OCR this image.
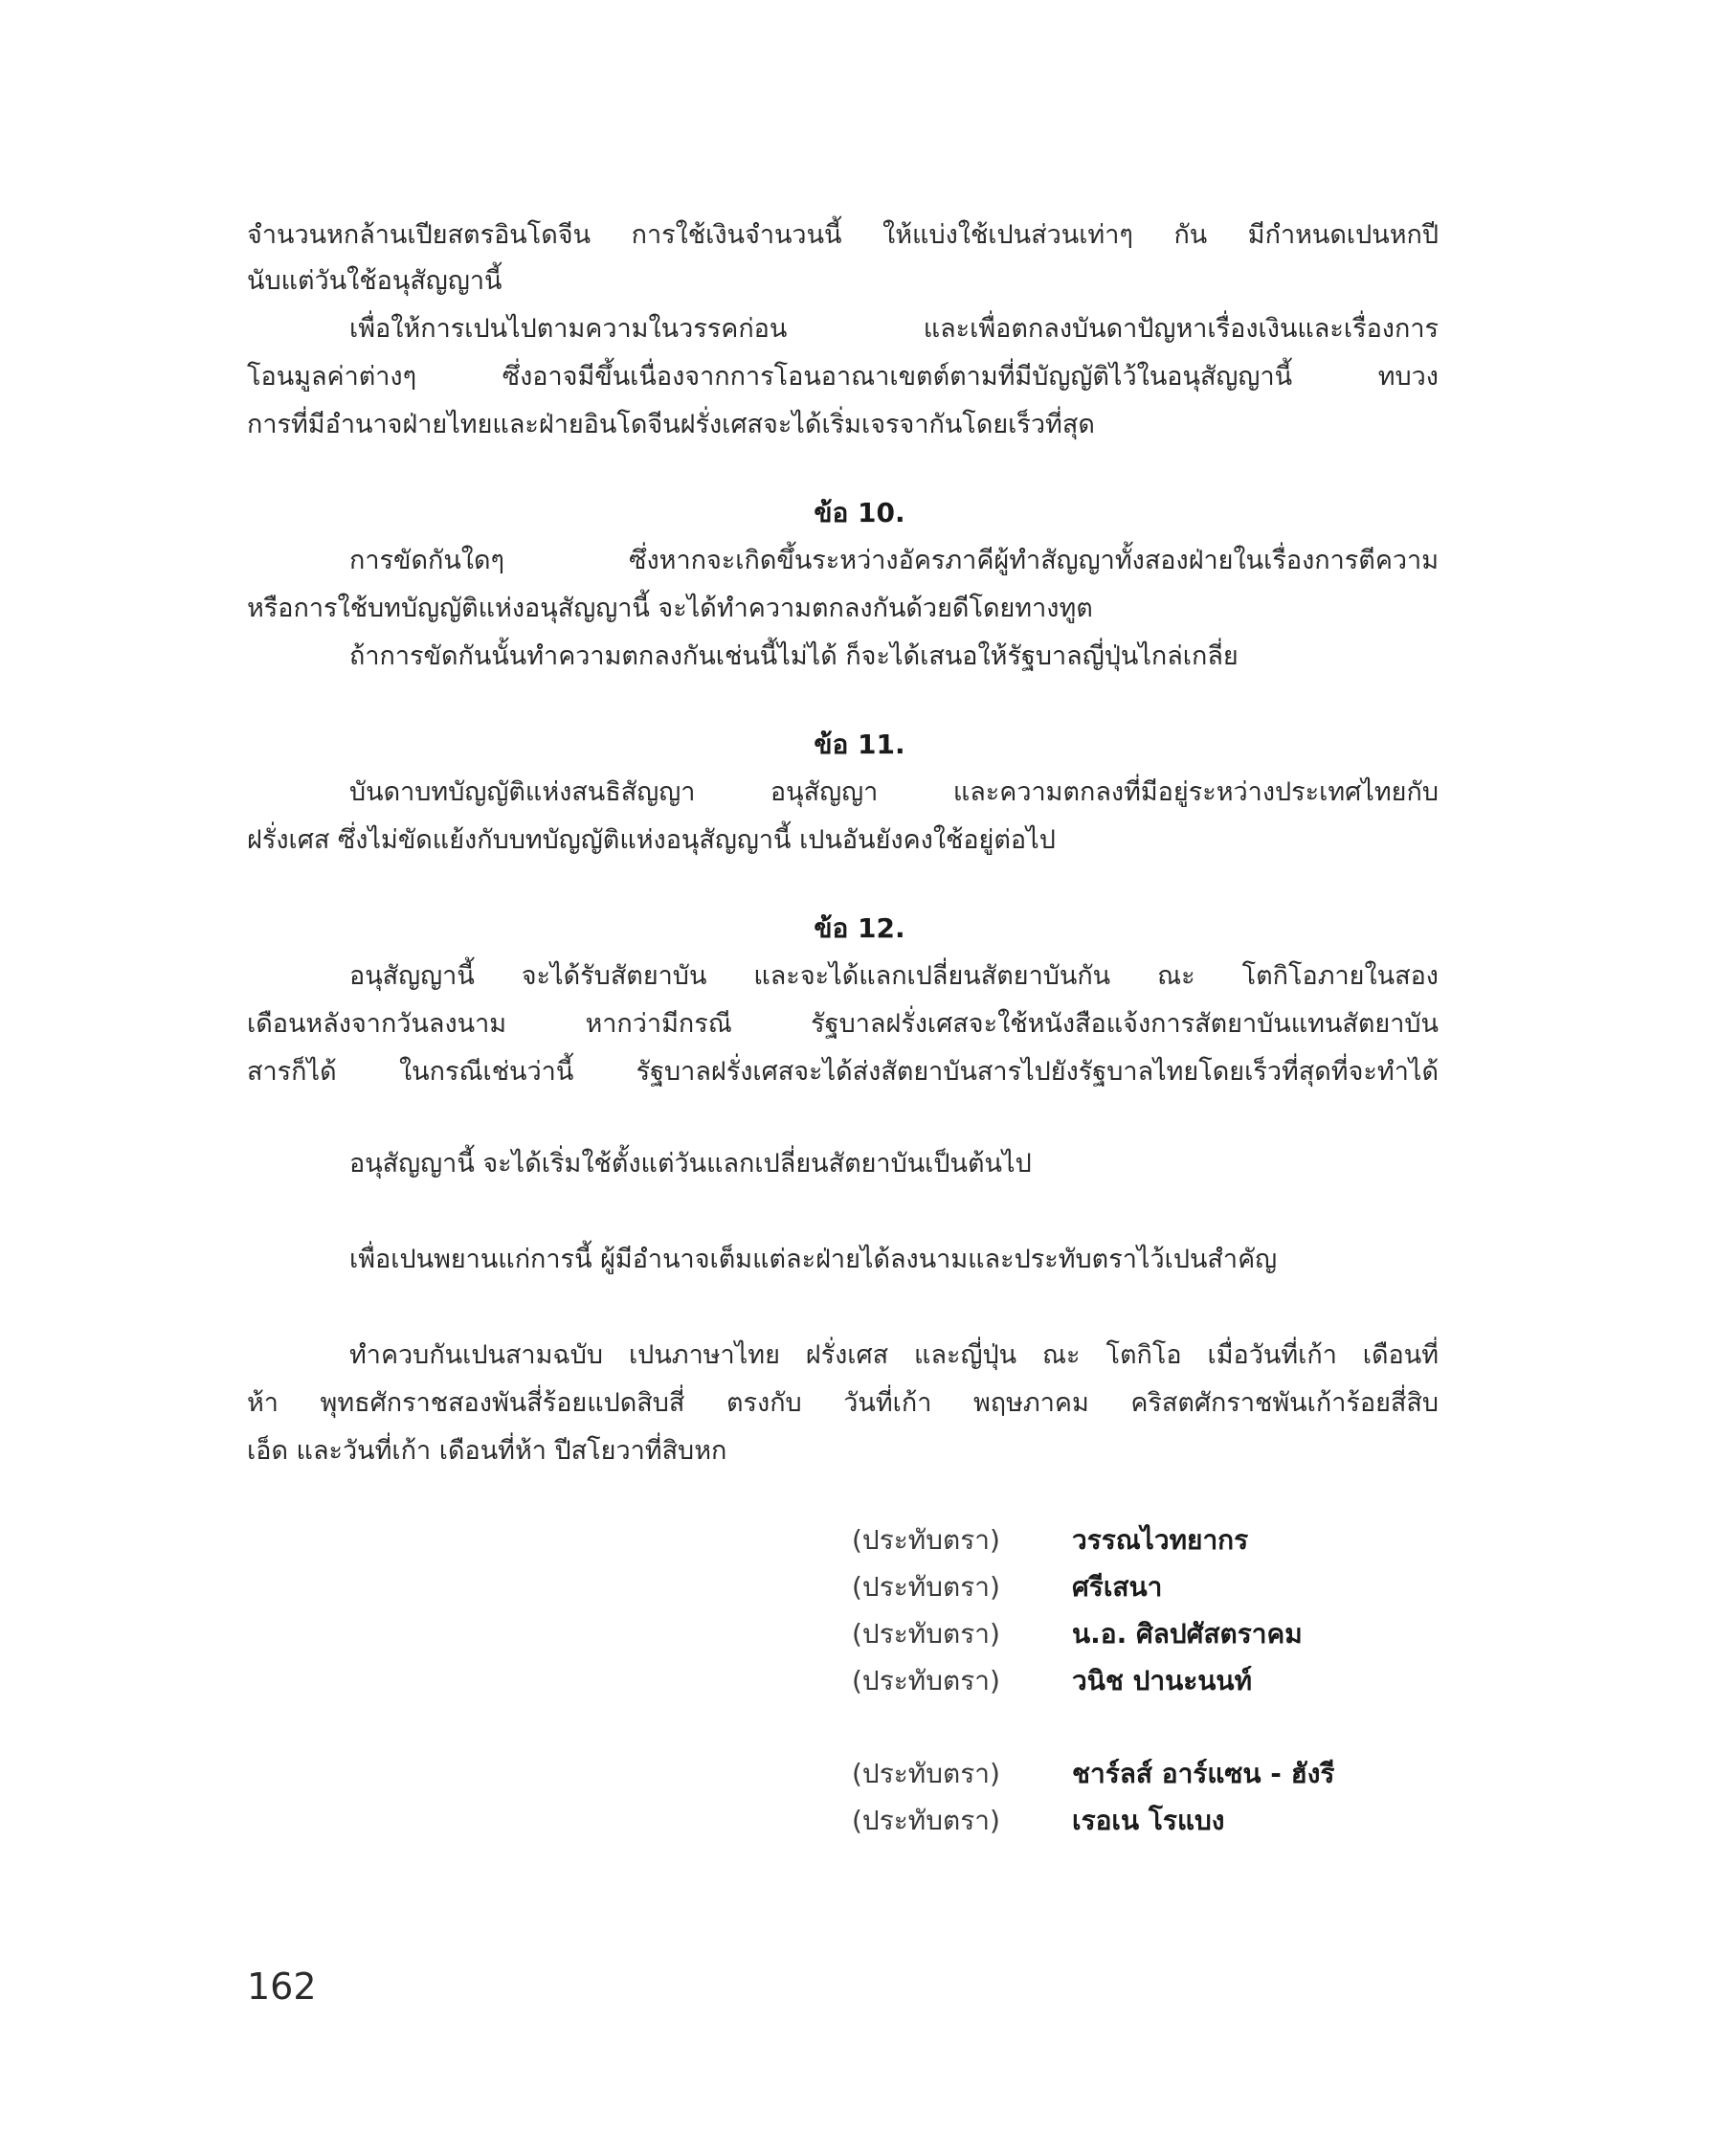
จำนวนหกล้านเปียสตรอินโดจีน การใช้เงินจำนวนนี้ ให้แบ่งใช้เปนส่วนเท่าๆ กัน มีกำหนดเปนหกปี
นับแต่วันใช้อนุสัญญานี้
เพื่อให้การเปนไปตามความในวรรคก่อน และเพื่อตกลงบันดาปัญหาเรื่องเงินและเรื่องการ
โอนมูลค่าต่างๆ ซึ่งอาจมีขึ้นเนื่องจากการโอนอาณาเขตต์ตามที่มีบัญญัติไว้ในอนุสัญญานี้ ทบวง
การที่มีอำนาจฝ่ายไทยและฝ่ายอินโดจีนฝรั่งเศสจะได้เริ่มเจรจากันโดยเร็วที่สุด
ข้อ 10.
การขัดกันใดๆ ซึ่งหากจะเกิดขึ้นระหว่างอัครภาคีผู้ทำสัญญาทั้งสองฝ่ายในเรื่องการตีความ
หรือการใช้บทบัญญัติแห่งอนุสัญญานี้ จะได้ทำความตกลงกันด้วยดีโดยทางทูต
ถ้าการขัดกันนั้นทำความตกลงกันเช่นนี้ไม่ได้ ก็จะได้เสนอให้รัฐบาลญี่ปุ่นไกล่เกลี่ย
ข้อ 11.
บันดาบทบัญญัติแห่งสนธิสัญญา อนุสัญญา และความตกลงที่มีอยู่ระหว่างประเทศไทยกับ
ฝรั่งเศส ซึ่งไม่ขัดแย้งกับบทบัญญัติแห่งอนุสัญญานี้ เปนอันยังคงใช้อยู่ต่อไป
ข้อ 12.
อนุสัญญานี้ จะได้รับสัตยาบัน และจะได้แลกเปลี่ยนสัตยาบันกัน ณะ โตกิโอภายในสอง
เดือนหลังจากวันลงนาม หากว่ามีกรณี รัฐบาลฝรั่งเศสจะใช้หนังสือแจ้งการสัตยาบันแทนสัตยาบัน
สารก็ได้ ในกรณีเช่นว่านี้ รัฐบาลฝรั่งเศสจะได้ส่งสัตยาบันสารไปยังรัฐบาลไทยโดยเร็วที่สุดที่จะทำได้
อนุสัญญานี้ จะได้เริ่มใช้ตั้งแต่วันแลกเปลี่ยนสัตยาบันเป็นต้นไป
เพื่อเปนพยานแก่การนี้ ผู้มีอำนาจเต็มแต่ละฝ่ายได้ลงนามและประทับตราไว้เปนสำคัญ
ทำควบกันเปนสามฉบับ เปนภาษาไทย ฝรั่งเศส และญี่ปุ่น ณะ โตกิโอ เมื่อวันที่เก้า เดือนที่
ห้า พุทธศักราชสองพันสี่ร้อยแปดสิบสี่ ตรงกับ วันที่เก้า พฤษภาคม คริสตศักราชพันเก้าร้อยสี่สิบ
เอ็ด และวันที่เก้า เดือนที่ห้า ปีสโยวาที่สิบหก
(ประทับตรา)	วรรณไวทยากร
(ประทับตรา)	ศรีเสนา
(ประทับตรา)	น.อ. ศิลปศัสตราคม
(ประทับตรา)	วนิช ปานะนนท์
(ประทับตรา)	ชาร์ลส์ อาร์แซน - ฮังรี
(ประทับตรา)	เรอเน โรแบง
162
